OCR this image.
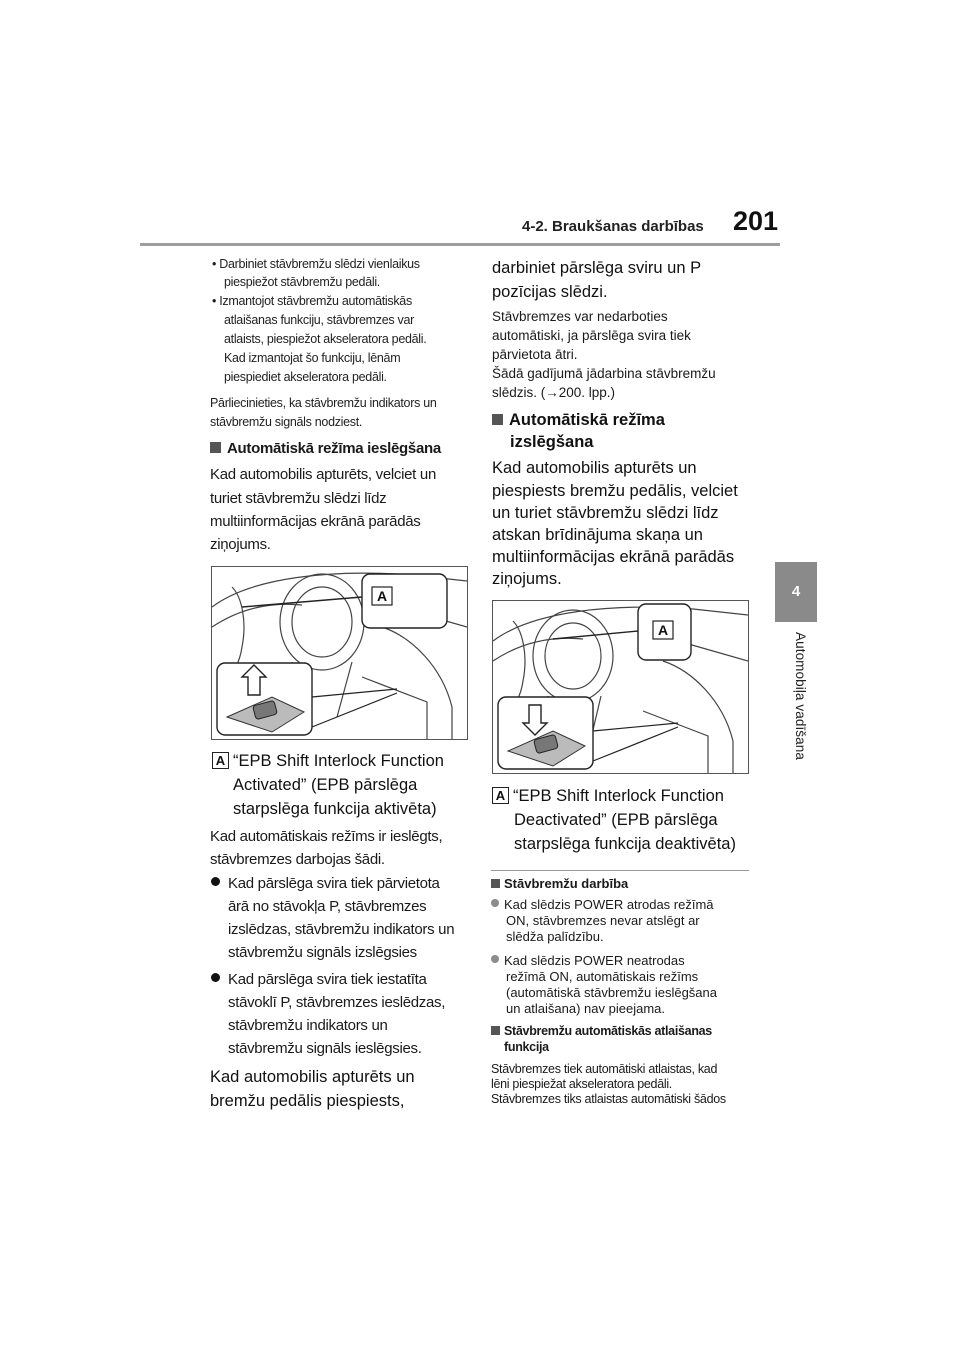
4-2. Braukšanas darbības 201
4
Automobiļa vadīšana
• Darbiniet stāvbremžu slēdzi vienlaikus
piespiežot stāvbremžu pedāli.
• Izmantojot stāvbremžu automātiskās
atlaišanas funkciju, stāvbremzes var
atlaists, piespiežot akseleratora pedāli.
Kad izmantojat šo funkciju, lēnām
piespiediet akseleratora pedāli.
Pārliecinieties, ka stāvbremžu indikators un
stāvbremžu signāls nodziest.
Automātiskā režīma ieslēgšana
Kad automobilis apturēts, velciet un
turiet stāvbremžu slēdzi līdz
multiinformācijas ekrānā parādās
ziņojums.
A
A “EPB Shift Interlock Function
Activated” (EPB pārslēga
starpslēga funkcija aktivēta)
Kad automātiskais režīms ir ieslēgts,
stāvbremzes darbojas šādi.
Kad pārslēga svira tiek pārvietota
ārā no stāvokļa P, stāvbremzes
izslēdzas, stāvbremžu indikators un
stāvbremžu signāls izslēgsies
Kad pārslēga svira tiek iestatīta
stāvoklī P, stāvbremzes ieslēdzas,
stāvbremžu indikators un
stāvbremžu signāls ieslēgsies.
Kad automobilis apturēts un
bremžu pedālis piespiests,
darbiniet pārslēga sviru un P
pozīcijas slēdzi.
Stāvbremzes var nedarboties
automātiski, ja pārslēga svira tiek
pārvietota ātri.
Šādā gadījumā jādarbina stāvbremžu
slēdzis. (→200. lpp.)
Automātiskā režīma
izslēgšana
Kad automobilis apturēts un
piespiests bremžu pedālis, velciet
un turiet stāvbremžu slēdzi līdz
atskan brīdinājuma skaņa un
multiinformācijas ekrānā parādās
ziņojums.
A
A “EPB Shift Interlock Function
Deactivated” (EPB pārslēga
starpslēga funkcija deaktivēta)
Stāvbremžu darbība
Kad slēdzis POWER atrodas režīmā
ON, stāvbremzes nevar atslēgt ar
slēdža palīdzību.
Kad slēdzis POWER neatrodas
režīmā ON, automātiskais režīms
(automātiskā stāvbremžu ieslēgšana
un atlaišana) nav pieejama.
Stāvbremžu automātiskās atlaišanas
funkcija
Stāvbremzes tiek automātiski atlaistas, kad
lēni piespiežat akseleratora pedāli.
Stāvbremzes tiks atlaistas automātiski šādos
